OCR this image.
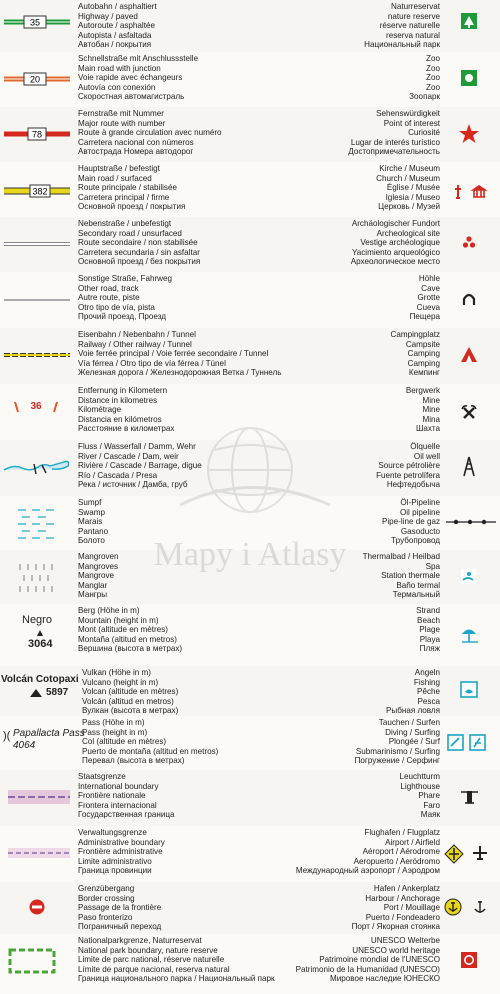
35
Autobahn / asphaltiert
Highway / paved
Autoroute / asphaltée
Autopista / asfaltada
Автобан / покрытия
Naturreservat
nature reserve
réserve naturelle
reserva natural
Национальный парк
20
Schnellstraße mit Anschlussstelle
Main road with junction
Voie rapide avec échangeurs
Autovía con conexión
Скоростная автомагистраль
Zoo
Zoo
Zoo
Zoo
Зоопарк
78
Fernstraße mit Nummer
Major route with number
Route à grande circulation avec numéro
Carretera nacional con números
Автострада Номера автодорог
Sehenswürdigkeit
Point of interest
Curiosité
Lugar de interés turístico
Достопримечательность
382
Hauptstraße / befestigt
Main road / surfaced
Route principale / stabilisée
Carretera principal / firme
Основной проезд / покрытия
Kirche / Museum
Church / Museum
Église / Musée
Iglesia / Museo
Церковь / Музей
Nebenstraße / unbefestigt
Secondary road / unsurfaced
Route secondaire / non stabilisée
Carretera secundaria / sin asfaltar
Основной проезд / без покрытия
Archäologischer Fundort
Archeological site
Vestige archéologique
Yacimiento arqueológico
Археологическое место
Sonstige Straße, Fahrweg
Other road, track
Autre route, piste
Otro tipo de vía, pista
Прочий проезд, Проезд
Höhle
Cave
Grotte
Cueva
Пещера
Eisenbahn / Nebenbahn / Tunnel
Railway / Other railway / Tunnel
Voie ferrée principal / Voie ferrée secondaire / Tunnel
Vía férrea / Otro tipo de vía férrea / Túnel
Железная дорога / Железнодорожная Ветка / Туннель
Campingplatz
Campsite
Camping
Camping
Кемпинг
36
Entfernung in Kilometern
Distance in kilometres
Kilométrage
Distancia en kilómetros
Расстояние в километрах
Bergwerk
Mine
Mine
Mina
Шахта
Fluss / Wasserfall / Damm, Wehr
River / Cascade / Dam, weir
Rivière / Cascade / Barrage, digue
Río / Cascada / Presa
Река / источник / Дамба, груб
Ölquelle
Oil well
Source pétrolière
Fuente petrolífera
Нефтедобыча
Sumpf
Swamp
Marais
Pantano
Болото
Öl-Pipeline
Oil pipeline
Pipe-line de gaz
Gasoducto
Трубопровод
Mangroven
Mangroves
Mangrove
Manglar
Мангры
Thermalbad / Heilbad
Spa
Station thermale
Baño termal
Термальный
Negro
3064
Berg (Höhe in m)
Mountain (height in m)
Mont (altitude en mètres)
Montaña (altitud en metros)
Вершина (высота в метрах)
Strand
Beach
Plage
Playa
Пляж
Volcán Cotopaxi
5897
Vulkan (Höhe in m)
Vulcano (height in m)
Volcan (altitude en mètres)
Volcán (altitud en metros)
Вулкан (высота в метрах)
Angeln
Fishing
Pêche
Pesca
Рыбная ловля
)( Papallacta Pass
4064
Pass (Höhe in m)
Pass (height in m)
Col (altitude en mètres)
Puerto de montaña (altitud en metros)
Перевал (высота в метрах)
Tauchen / Surfen
Diving / Surfing
Plongée / Surf
Submarinismo / Surfing
Погружение / Серфинг
Staatsgrenze
International boundary
Frontière nationale
Frontera internacional
Государственная граница
Leuchtturm
Lighthouse
Phare
Faro
Маяк
Verwaltungsgrenze
Administrative boundary
Frontière administrative
Limite administrativo
Граница провинции
Flughafen / Flugplatz
Airport / Airfield
Aéroport / Aérodrome
Aeropuerto / Aeródromo
Международный аэропорт / Аэродром
Grenzübergang
Border crossing
Passage de la frontière
Paso fronterizo
Пограничный переход
Hafen / Ankerplatz
Harbour / Anchorage
Port / Mouillage
Puerto / Fondeadero
Порт / Якорная стоянка
Nationalparkgrenze, Naturreservat
National park boundary, nature reserve
Limite de parc national, réserve naturelle
Límite de parque nacional, reserva natural
Граница национального парка / Национальный парк
UNESCO Welterbe
UNESCO world heritage
Patrimoine mondial de l'UNESCO
Patrimonio de la Humanidad (UNESCO)
Мировое наследие ЮНЕСКО
Mapy i Atlasy
